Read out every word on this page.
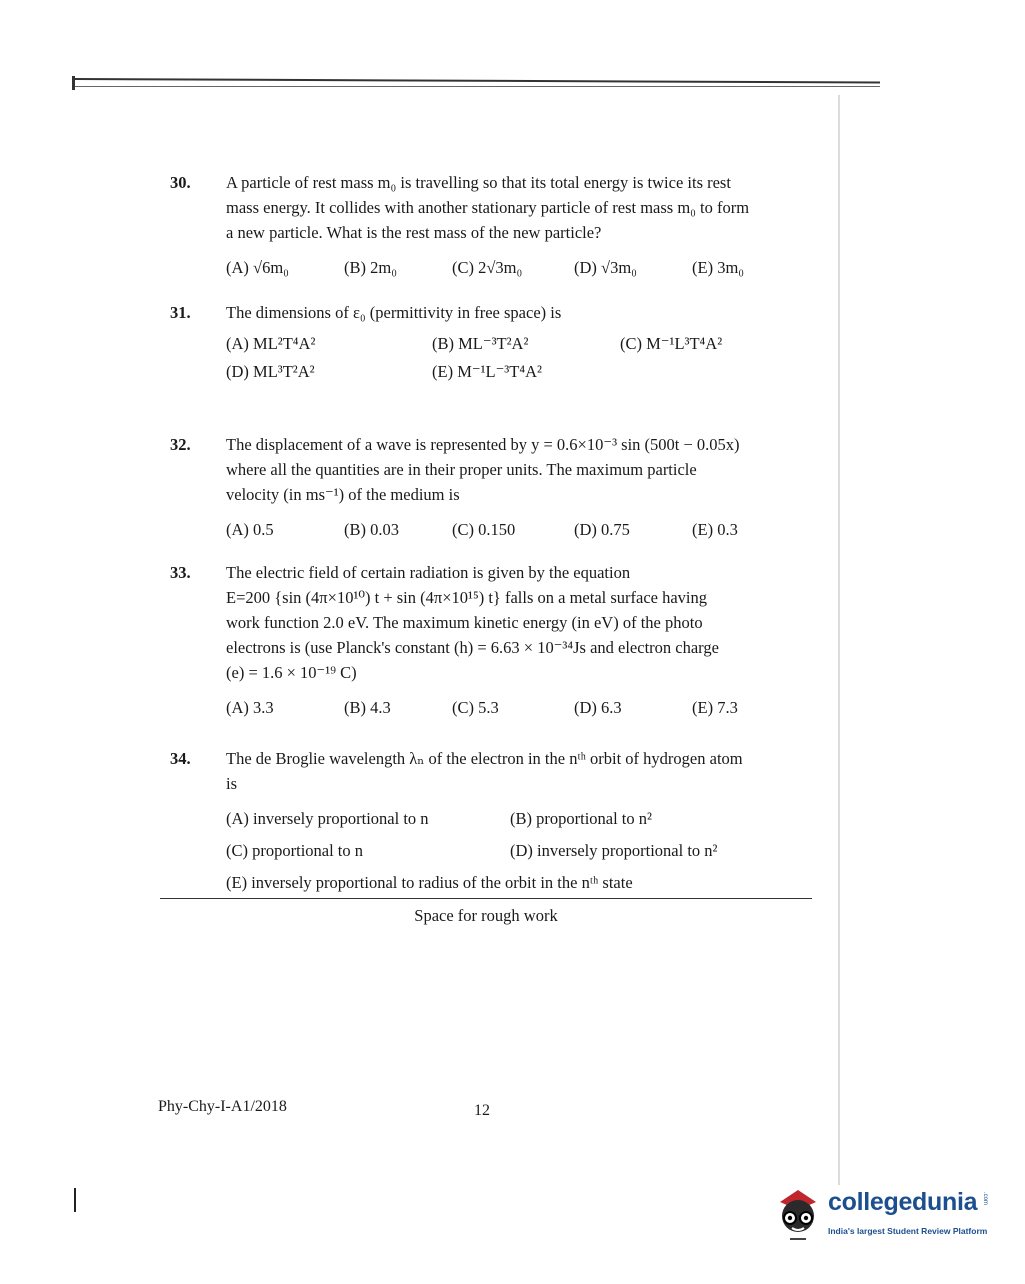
30. A particle of rest mass m₀ is travelling so that its total energy is twice its rest
mass energy. It collides with another stationary particle of rest mass m₀ to form
a new particle. What is the rest mass of the new particle?
(A) √6m₀	(B) 2m₀	(C) 2√3m₀	(D) √3m₀	(E) 3m₀
31. The dimensions of ε₀ (permittivity in free space) is
(A) ML²T⁴A²	(B) ML⁻³T²A²	(C) M⁻¹L³T⁴A²
(D) ML³T²A²	(E) M⁻¹L⁻³T⁴A²
32. The displacement of a wave is represented by y = 0.6×10⁻³ sin (500t − 0.05x)
where all the quantities are in their proper units. The maximum particle
velocity (in ms⁻¹) of the medium is
(A) 0.5	(B) 0.03	(C) 0.150	(D) 0.75	(E) 0.3
33. The electric field of certain radiation is given by the equation
E=200 {sin (4π×10¹⁰) t + sin (4π×10¹⁵) t} falls on a metal surface having
work function 2.0 eV. The maximum kinetic energy (in eV) of the photo
electrons is (use Planck's constant (h) = 6.63 × 10⁻³⁴Js and electron charge
(e) = 1.6 × 10⁻¹⁹ C)
(A) 3.3	(B) 4.3	(C) 5.3	(D) 6.3	(E) 7.3
34. The de Broglie wavelength λₙ of the electron in the nᵗʰ orbit of hydrogen atom
is
(A) inversely proportional to n	(B) proportional to n²
(C) proportional to n	(D) inversely proportional to n²
(E) inversely proportional to radius of the orbit in the nᵗʰ state
Space for rough work
Phy-Chy-I-A1/2018	12
collegedunia .com
India's largest Student Review Platform
